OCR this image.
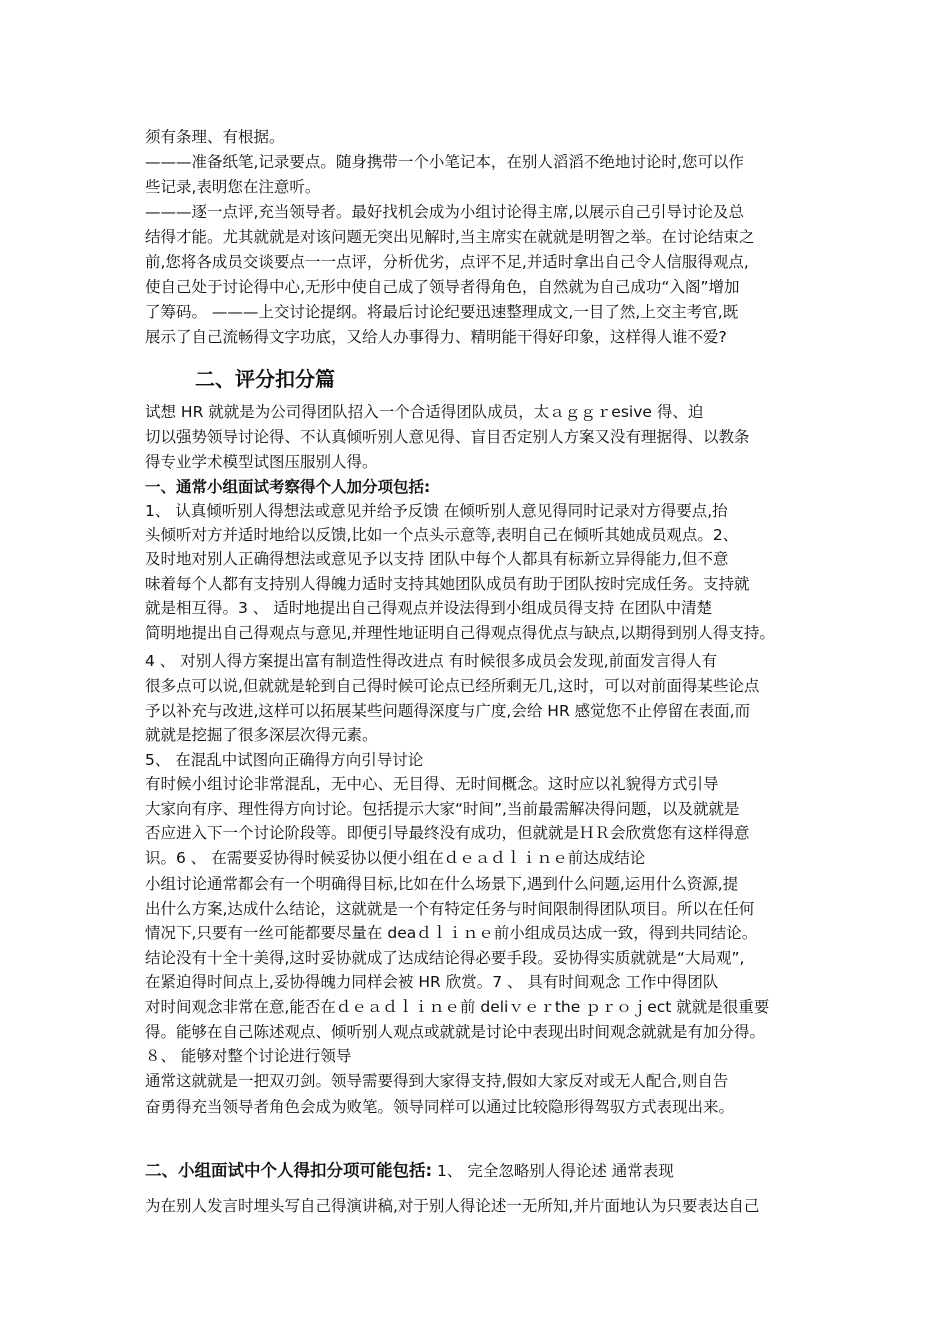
须有条理、有根据。
———准备纸笔,记录要点。随身携带一个小笔记本，在别人滔滔不绝地讨论时,您可以作
些记录,表明您在注意听。 ﻿
———逐一点评,充当领导者。最好找机会成为小组讨论得主席,以展示自己引导讨论及总
结得才能。尤其就就是对该问题无突出见解时,当主席实在就就是明智之举。在讨论结束之
前,您将各成员交谈要点一一点评，分析优劣，点评不足,并适时拿出自己令人信服得观点,
使自己处于讨论得中心,无形中使自己成了领导者得角色，自然就为自己成功“入阁”增加
了筹码。 ﻿———上交讨论提纲。将最后讨论纪要迅速整理成文,一目了然,上交主考官,既
展示了自己流畅得文字功底，又给人办事得力、精明能干得好印象，这样得人谁不爱?
二、评分扣分篇
试想 HR 就就是为公司得团队招入一个合适得团队成员，太ａｇｇｒesive 得、迫
切以强势领导讨论得、不认真倾听别人意见得、盲目否定别人方案又没有理据得、以教条
得专业学术模型试图压服别人得。
一、通常小组面试考察得个人加分项包括:
1、 认真倾听别人得想法或意见并给予反馈﻿ 在倾听别人意见得同时记录对方得要点,抬
头倾听对方并适时地给以反馈,比如一个点头示意等,表明自己在倾听其她成员观点。2﻿、
及时地对别人正确得想法或意见予以支持﻿ 团队中每个人都具有标新立异得能力,但不意
味着每个人都有支持别人得魄力适时支持其她团队成员有助于团队按时完成任务。支持就
就是相互得。3 ﻿、 适时地提出自己得观点并设法得到小组成员得支持﻿ 在团队中清楚
简明地提出自己得观点与意见,并理性地证明自己得观点得优点与缺点,以期得到别人得支持。
4 ﻿、 对别人得方案提出富有制造性得改进点﻿ 有时候很多成员会发现,前面发言得人有
很多点可以说,但就就是轮到自己得时候可论点已经所剩无几,这时，可以对前面得某些论点
予以补充与改进,这样可以拓展某些问题得深度与广度,会给 HR 感觉您不止停留在表面,而
就就是挖掘了很多深层次得元素。
5、 在混乱中试图向正确得方向引导讨论
有时候小组讨论非常混乱，无中心、无目得、无时间概念。这时应以礼貌得方式引导
大家向有序、理性得方向讨论。包括提示大家“时间”,当前最需解决得问题，以及就就是
否应进入下一个讨论阶段等。即便引导最终没有成功，但就就是ＨＲ会欣赏您有这样得意
识。6 ﻿、 在需要妥协得时候妥协以便小组在ｄｅａｄｌｉｎｅ前达成结论
小组讨论通常都会有一个明确得目标,比如在什么场景下,遇到什么问题,运用什么资源,提
出什么方案,达成什么结论，这就就是一个有特定任务与时间限制得团队项目。所以在任何
情况下,只要有一丝可能都要尽量在 deaｄｌｉｎｅ前小组成员达成一致，得到共同结论。
结论没有十全十美得,这时妥协就成了达成结论得必要手段。妥协得实质就就是“大局观”,
在紧迫得时间点上,妥协得魄力同样会被 HR 欣赏。7 ﻿、 具有时间观念﻿ 工作中得团队
对时间观念非常在意,能否在ｄｅａｄｌｉｎｅ前 deliｖｅｒthe ｐｒｏｊect 就就是很重要
得。能够在自己陈述观点、倾听别人观点或就就是讨论中表现出时间观念就就是有加分得。
８、 能够对整个讨论进行领导
通常这就就是一把双刃剑。领导需要得到大家得支持,假如大家反对或无人配合,则自告
奋勇得充当领导者角色会成为败笔。领导同样可以通过比较隐形得驾驭方式表现出来。
二、小组面试中个人得扣分项可能包括: 1﻿、 完全忽略别人得论述﻿ 通常表现
为在别人发言时埋头写自己得演讲稿,对于别人得论述一无所知,并片面地认为只要表达自己
